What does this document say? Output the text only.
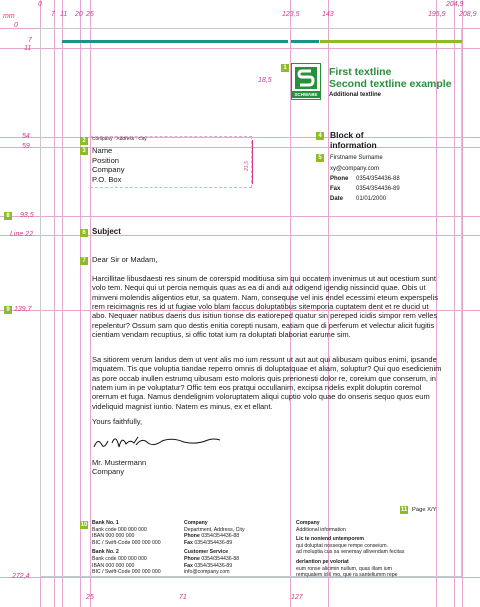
mm
0
7 11 20 25	123,5	143	195,9
204,9
208,9
0
7
11
18,5
54
59
93,5
Line 22
139,7
272,4
25	71	127
1
SCHWABE
First textline
Second textline example
Additional textline
2	Company · Address · City
3 Name
Position
Company
P.O. Box
21,5
4 Block of
information
5	Firstname Surname
xy@company.com
Phone 0354/354436-88
Fax	0354/354436-89
Date 01/01/2000
8
9
6 Subject
7 Dear Sir or Madam,
Harcillitae libusdaesti res sinum de corerspid moditiusa sim qui occatem invenimus ut aut ocestium sunt volo tem. Nequi qui ut percia nemquis quas as ea di andi aut odigend igendig nissincid quae. Obis ut minveni molendis aligentios etur, sa quatem. Nam, consequae vel inis endel ecessimi eteum experspelis rem reicimagnis res id ut fugiae volo blam faccus doluptatibus sitemporia cuptatem dent et re ducid ut abo. Nequaer natibus daeris dus isitiun tionse dis eatioreped quatur sin pereped icidis simpor rem velles repelentur? Ossum sam quo destis enitia corepti nusam, eatiam que di perferum et velectur alicit fugitis cientiam vendam recuptius, si offic totat ium ra doluptati blaboriat earume sim.
Sa sitiorem verum landus dem ut vent alis mo ium ressunt ut aut aut qui alibusam quibus enimi, ipsande mquatem. Tis que voluptia tiandae reperro omnis di doluptatquae et aliam, soluptur? Qui quo esedicienim as pore occab inullen estrumq uibusam esto moloris quis prerionesti dolor re, coreium que conserum, in natem ium in pe voluptatur? Offic tem eos pratqui occullanim, excipsa ndelis explit doluptin coremol orerrum et fuga. Namus dendelignim voloruptatem aliqui cuptio volo quae do onseris sequo quos eum videliquid magnist iuntio. Natem es minus, ex et ellant.
Yours faithfully,
Mr. Mustermann
Company
11 Page X/Y
10 Bank No. 1
Bank code 000 000 000
IBAN 000 000 000
BIC / Swift-Code 000 000 000
Bank No. 2
Bank code 000 000 000
IBAN 000 000 000
BIC / Swift-Code 000 000 000
Company
Department, Address, City
Phone 0354/354436-88
Fax 0354/354436-89
Customer Service
Phone 0354/354436-88
Fax 0354/354436-89
info@company.com
Company
Additional information
Lic te noniend untemporem
qui doluptat nosseque rempe conseium.
ad moluptia cus sa venemay allivendam fecitas
derlantion pe voloriat
eum ronse alicimin nullum, quas illam ium
remquatem id il mo, que ra santeliumm repe
